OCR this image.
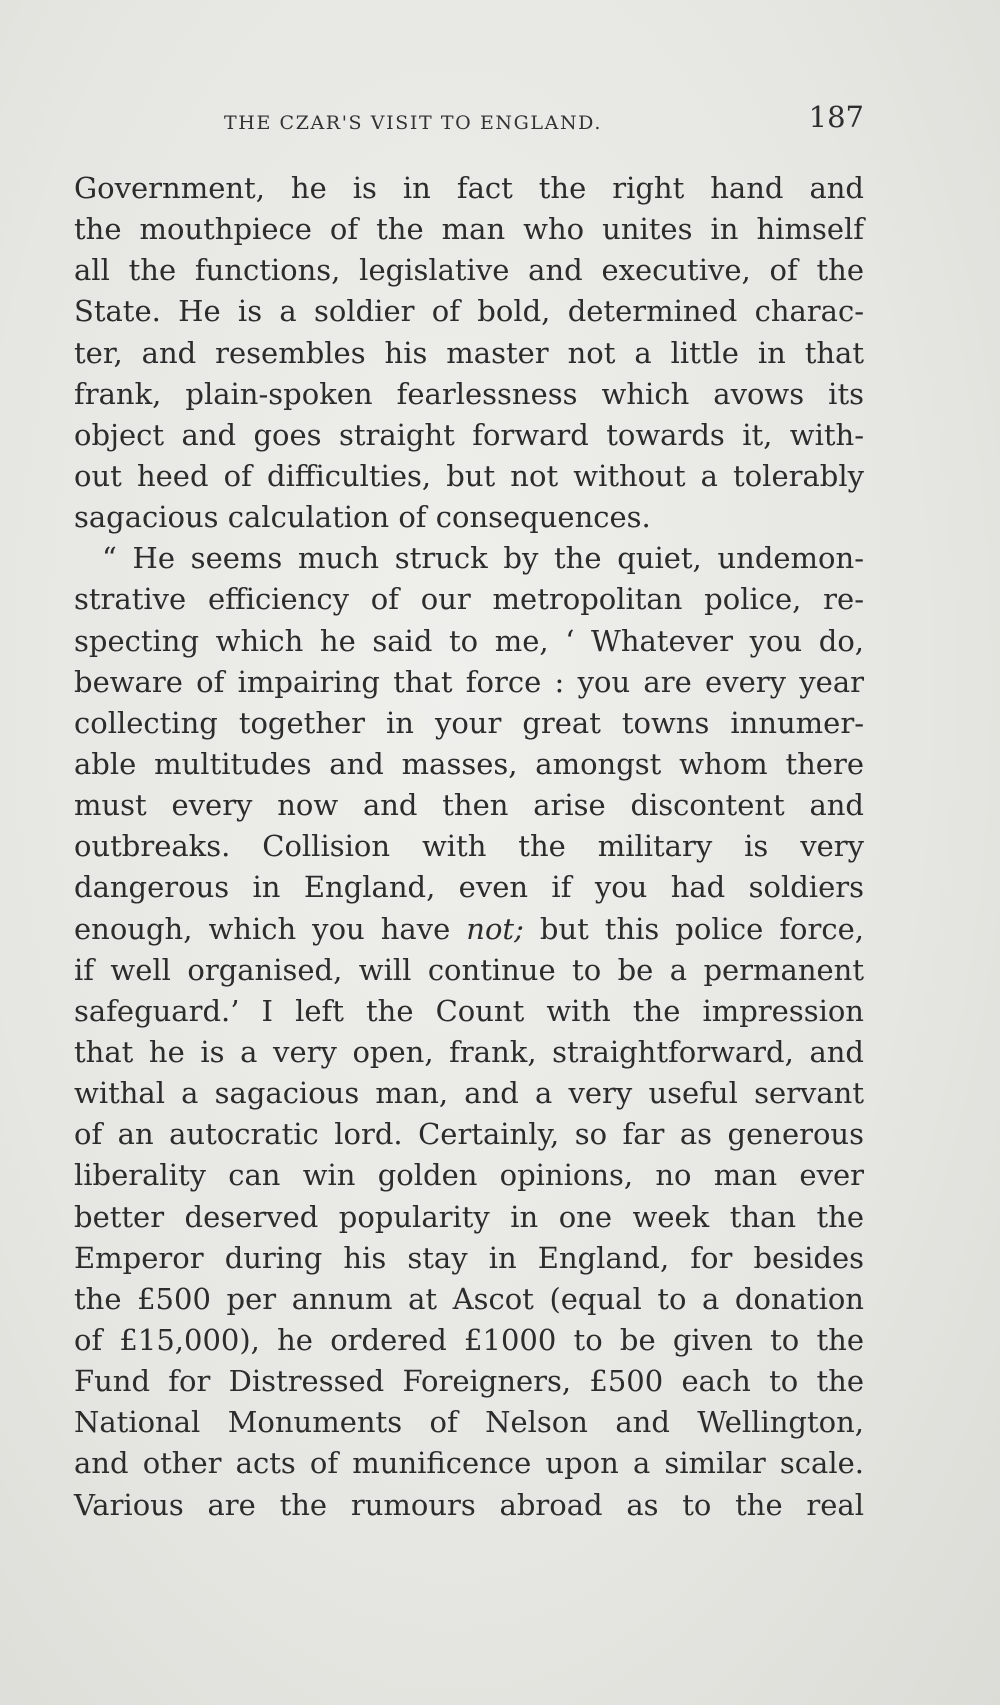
THE CZAR'S VISIT TO ENGLAND.	187
Government, he is in fact the right hand and
the mouthpiece of the man who unites in himself
all the functions, legislative and executive, of the
State. He is a soldier of bold, determined charac-
ter, and resembles his master not a little in that
frank, plain-spoken fearlessness which avows its
object and goes straight forward towards it, with-
out heed of difficulties, but not without a tolerably
sagacious calculation of consequences.
“ He seems much struck by the quiet, undemon-
strative efficiency of our metropolitan police, re-
specting which he said to me, ‘ Whatever you do,
beware of impairing that force : you are every year
collecting together in your great towns innumer-
able multitudes and masses, amongst whom there
must every now and then arise discontent and
outbreaks. Collision with the military is very
dangerous in England, even if you had soldiers
enough, which you have not; but this police force,
if well organised, will continue to be a permanent
safeguard.’ I left the Count with the impression
that he is a very open, frank, straightforward, and
withal a sagacious man, and a very useful servant
of an autocratic lord. Certainly, so far as generous
liberality can win golden opinions, no man ever
better deserved popularity in one week than the
Emperor during his stay in England, for besides
the £500 per annum at Ascot (equal to a donation
of £15,000), he ordered £1000 to be given to the
Fund for Distressed Foreigners, £500 each to the
National Monuments of Nelson and Wellington,
and other acts of munificence upon a similar scale.
Various are the rumours abroad as to the real
